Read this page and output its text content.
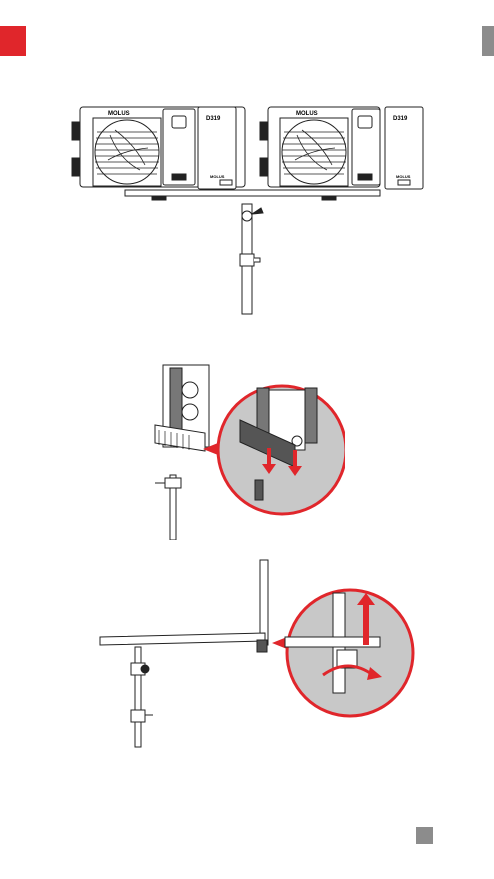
MOLUS
D319
MOLUS
MOLUS
D319
MOLUS
